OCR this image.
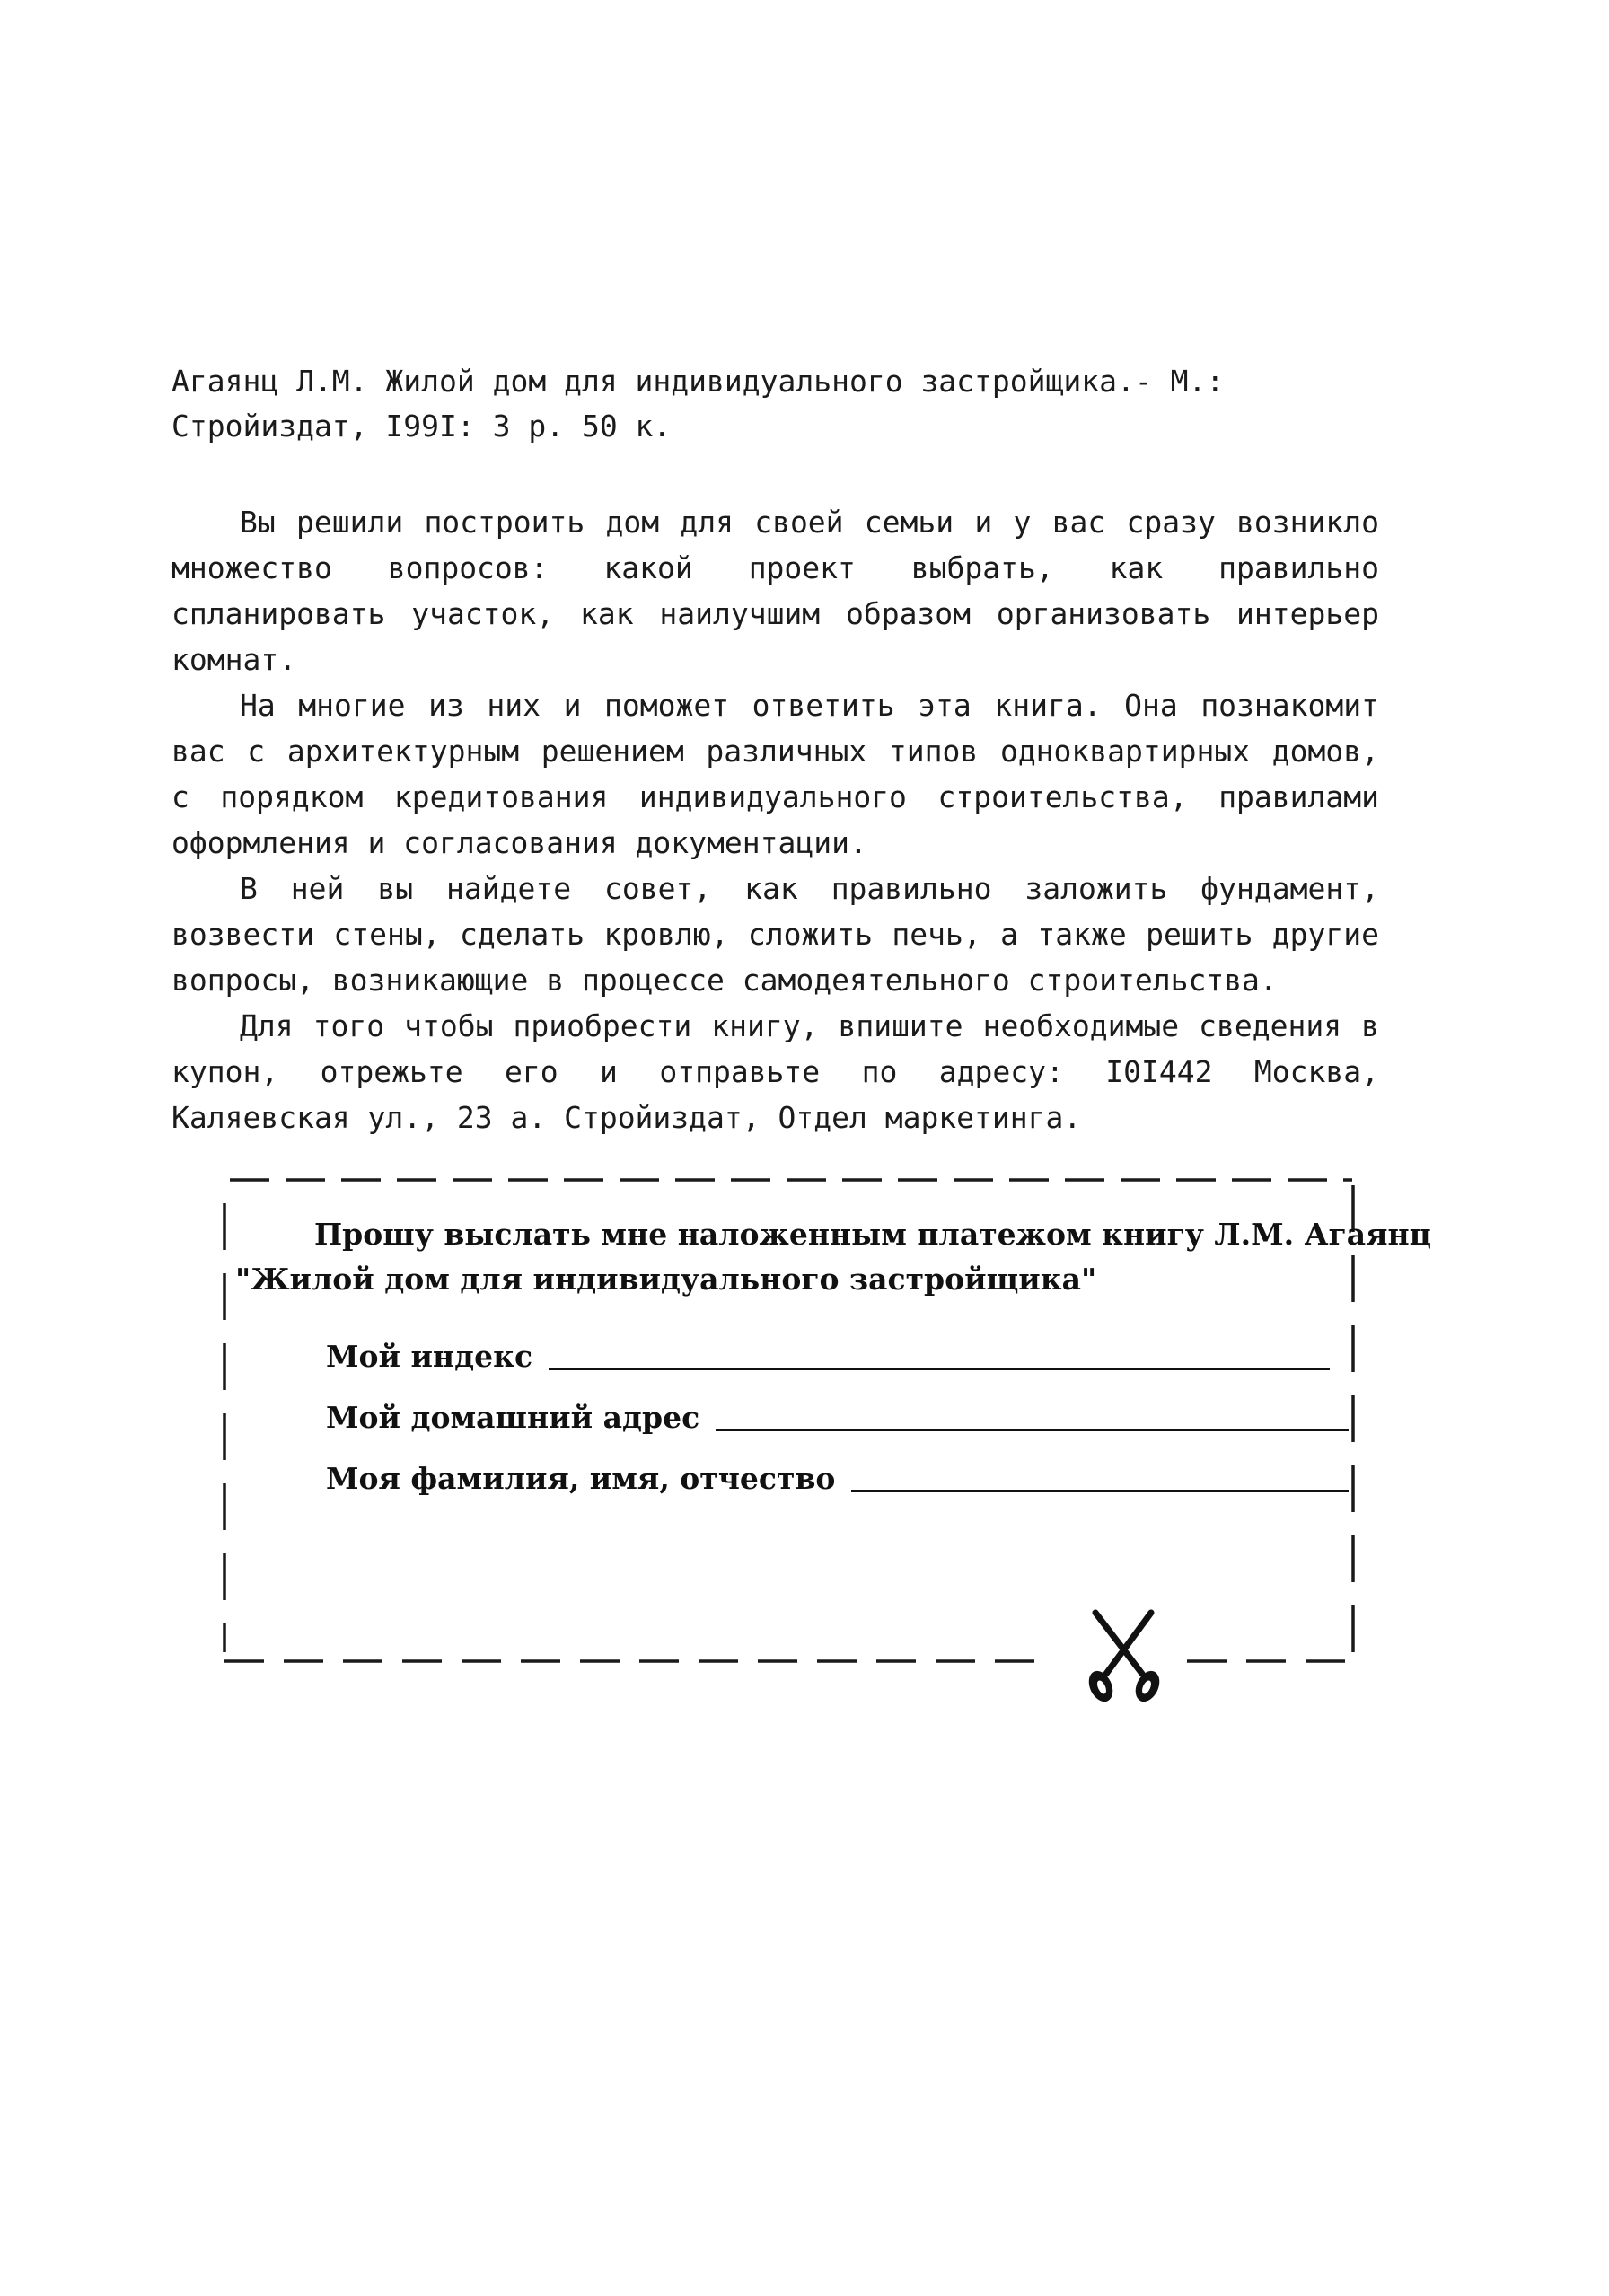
Агаянц Л.М. Жилой дом для индивидуального застройщика.- М.:

Стройиздат, I99I: 3 р. 50 к.

Вы решили построить дом для своей семьи и у вас сразу возникло множество вопросов: какой проект выбрать, как правильно спланировать участок, как наилучшим образом организовать интерьер комнат.

На многие из них и поможет ответить эта книга. Она познакомит вас с архитектурным решением различных типов одноквартирных домов, с порядком кредитования индивидуального строительства, правилами оформления и согласования документации.

В ней вы найдете совет, как правильно заложить фундамент, возвести стены, сделать кровлю, сложить печь, а также решить другие вопросы, возникающие в процессе самодеятельного строительства.

Для того чтобы приобрести книгу, впишите необходимые сведения в купон, отрежьте его и отправьте по адресу: I0I442 Москва, Каляевская ул., 23 а. Стройиздат, Отдел маркетинга.

Прошу выслать мне наложенным платежом книгу Л.М. Агаянц
"Жилой дом для индивидуального застройщика"
Мой индекс
Мой домашний адрес
Моя фамилия, имя, отчество
